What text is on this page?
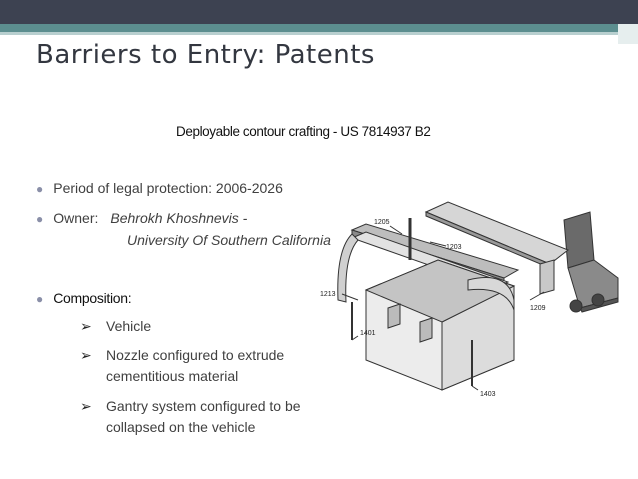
Barriers to Entry: Patents
Deployable contour crafting - US 7814937 B2
● Period of legal protection: 2006-2026
● Owner: Behrokh Khoshnevis -
University Of Southern California
● Composition:
➢ Vehicle
➢ Nozzle configured to extrude cementitious material
➢ Gantry system configured to be collapsed on the vehicle
1205
1203
1213
1209
1401
1403
